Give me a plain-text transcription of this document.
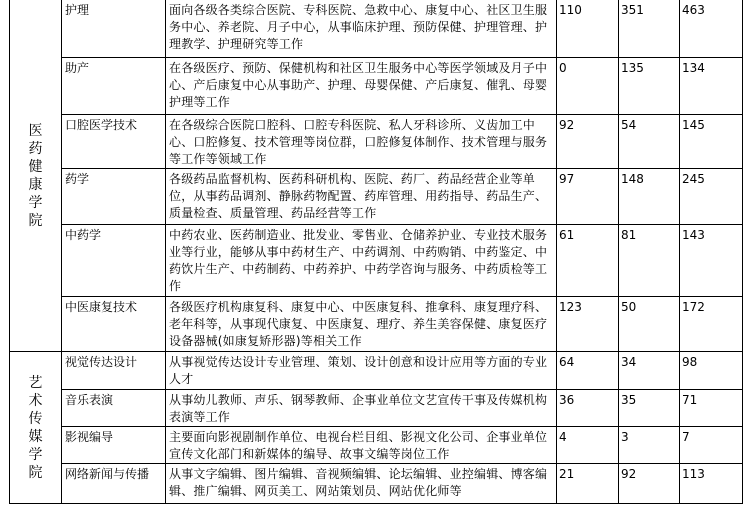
医药健康学院	护理	面向各级各类综合医院、专科医院、急救中心、康复中心、社区卫生服务中心、养老院、月子中心，从事临床护理、预防保健、护理管理、护理教学、护理研究等工作	110	351	463
	助产	在各级医疗、预防、保健机构和社区卫生服务中心等医学领域及月子中心、产后康复中心从事助产、护理、母婴保健、产后康复、催乳、母婴护理等工作	0	135	134
	口腔医学技术	在各级综合医院口腔科、口腔专科医院、私人牙科诊所、义齿加工中心、口腔修复、技术管理等岗位群，口腔修复体制作、技术管理与服务等工作等领域工作	92	54	145
	药学	各级药品监督机构、医药科研机构、医院、药厂、药品经营企业等单位，从事药品调剂、静脉药物配置、药库管理、用药指导、药品生产、质量检查、质量管理、药品经营等工作	97	148	245
	中药学	中药农业、医药制造业、批发业、零售业、仓储养护业、专业技术服务业等行业，能够从事中药材生产、中药调剂、中药购销、中药鉴定、中药饮片生产、中药制药、中药养护、中药学咨询与服务、中药质检等工作	61	81	143
	中医康复技术	各级医疗机构康复科、康复中心、中医康复科、推拿科、康复理疗科、老年科等，从事现代康复、中医康复、理疗、养生美容保健、康复医疗设备器械(如康复矫形器)等相关工作	123	50	172
艺术传媒学院	视觉传达设计	从事视觉传达设计专业管理、策划、设计创意和设计应用等方面的专业人才	64	34	98
	音乐表演	从事幼儿教师、声乐、钢琴教师、企事业单位文艺宣传干事及传媒机构表演等工作	36	35	71
	影视编导	主要面向影视剧制作单位、电视台栏目组、影视文化公司、企事业单位宣传文化部门和新媒体的编导、故事文编等岗位工作	4	3	7
	网络新闻与传播	从事文字编辑、图片编辑、音视频编辑、论坛编辑、业控编辑、博客编辑、推广编辑、网页美工、网站策划员、网站优化师等	21	92	113
